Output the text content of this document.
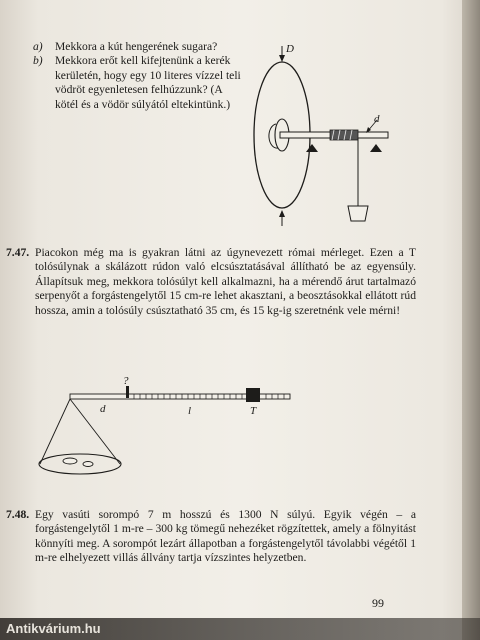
a) Mekkora a kút hengerének sugara?
b) Mekkora erőt kell kifejtenünk a kerék kerületén, hogy egy 10 literes vízzel teli vödröt egyenletesen felhúzzunk? (A kötél és a vödör súlyától eltekintünk.)
D
d
7.47. Piacokon még ma is gyakran látni az úgynevezett római mérleget. Ezen a T tolósúlynak a skálázott rúdon való elcsúsztatásával állítható be az egyensúly. Állapítsuk meg, mekkora tolósúlyt kell alkalmazni, ha a mérendő árut tartalmazó serpenyőt a forgástengelytől 15 cm-re lehet akasztani, a beosztásokkal ellátott rúd hossza, amin a tolósúly csúsztatható 35 cm, és 15 kg-ig szeretnénk vele mérni!
?
d	l	T
7.48. Egy vasúti sorompó 7 m hosszú és 1300 N súlyú. Egyik végén – a forgástengelytől 1 m-re – 300 kg tömegű nehezéket rögzítettek, amely a fölnyitást könnyíti meg. A sorompót lezárt állapotban a forgástengelytől távolabbi végétől 1 m-re elhelyezett villás állvány tartja vízszintes helyzetben.
99
Antikvárium.hu
